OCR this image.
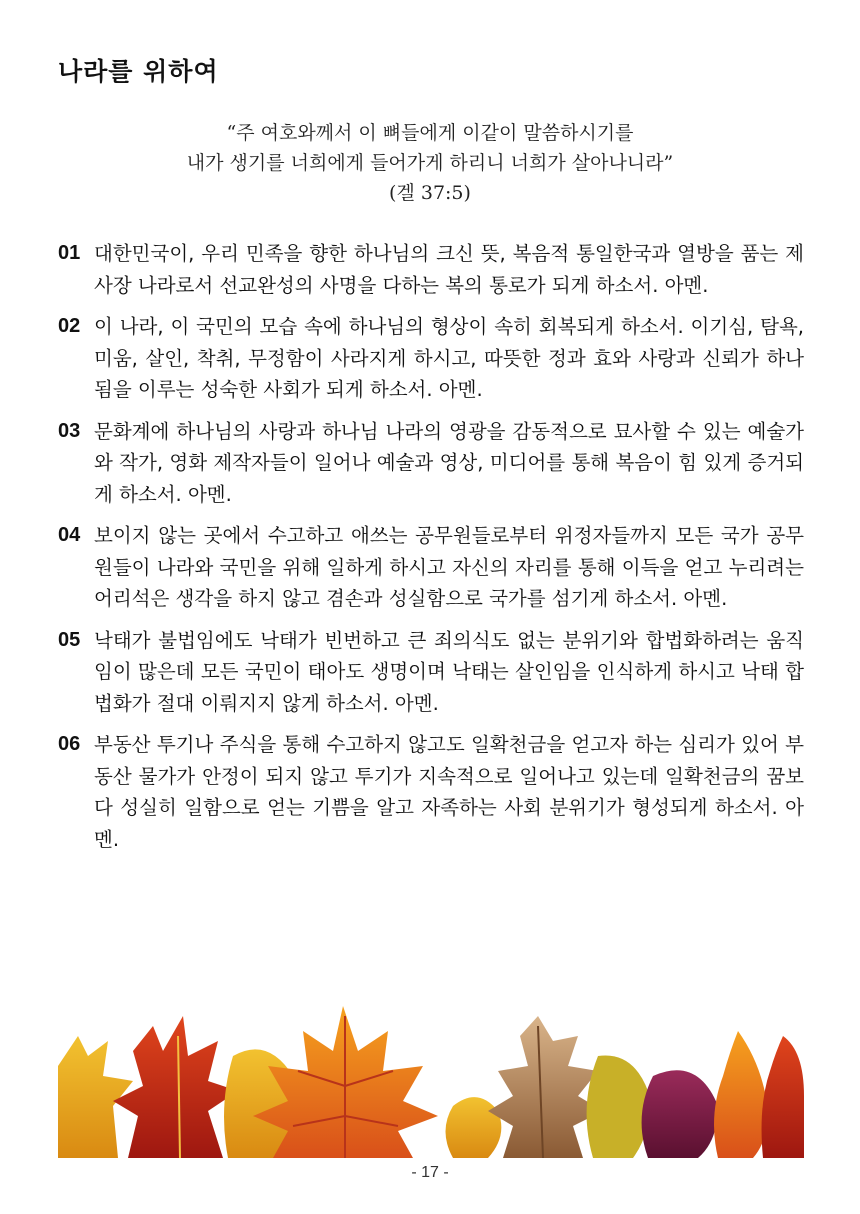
나라를 위하여
“주 여호와께서 이 뼈들에게 이같이 말씀하시기를
내가 생기를 너희에게 들어가게 하리니 너희가 살아나니라”
(겔 37:5)
01 대한민국이, 우리 민족을 향한 하나님의 크신 뜻, 복음적 통일한국과 열방을 품는 제사장 나라로서 선교완성의 사명을 다하는 복의 통로가 되게 하소서. 아멘.
02 이 나라, 이 국민의 모습 속에 하나님의 형상이 속히 회복되게 하소서. 이기심, 탐욕, 미움, 살인, 착취, 무정함이 사라지게 하시고, 따뜻한 정과 효와 사랑과 신뢰가 하나 됨을 이루는 성숙한 사회가 되게 하소서. 아멘.
03 문화계에 하나님의 사랑과 하나님 나라의 영광을 감동적으로 묘사할 수 있는 예술가와 작가, 영화 제작자들이 일어나 예술과 영상, 미디어를 통해 복음이 힘 있게 증거되게 하소서. 아멘.
04 보이지 않는 곳에서 수고하고 애쓰는 공무원들로부터 위정자들까지 모든 국가 공무원들이 나라와 국민을 위해 일하게 하시고 자신의 자리를 통해 이득을 얻고 누리려는 어리석은 생각을 하지 않고 겸손과 성실함으로 국가를 섬기게 하소서. 아멘.
05 낙태가 불법임에도 낙태가 빈번하고 큰 죄의식도 없는 분위기와 합법화하려는 움직임이 많은데 모든 국민이 태아도 생명이며 낙태는 살인임을 인식하게 하시고 낙태 합법화가 절대 이뤄지지 않게 하소서. 아멘.
06 부동산 투기나 주식을 통해 수고하지 않고도 일확천금을 얻고자 하는 심리가 있어 부동산 물가가 안정이 되지 않고 투기가 지속적으로 일어나고 있는데 일확천금의 꿈보다 성실히 일함으로 얻는 기쁨을 알고 자족하는 사회 분위기가 형성되게 하소서. 아멘.
- 17 -
